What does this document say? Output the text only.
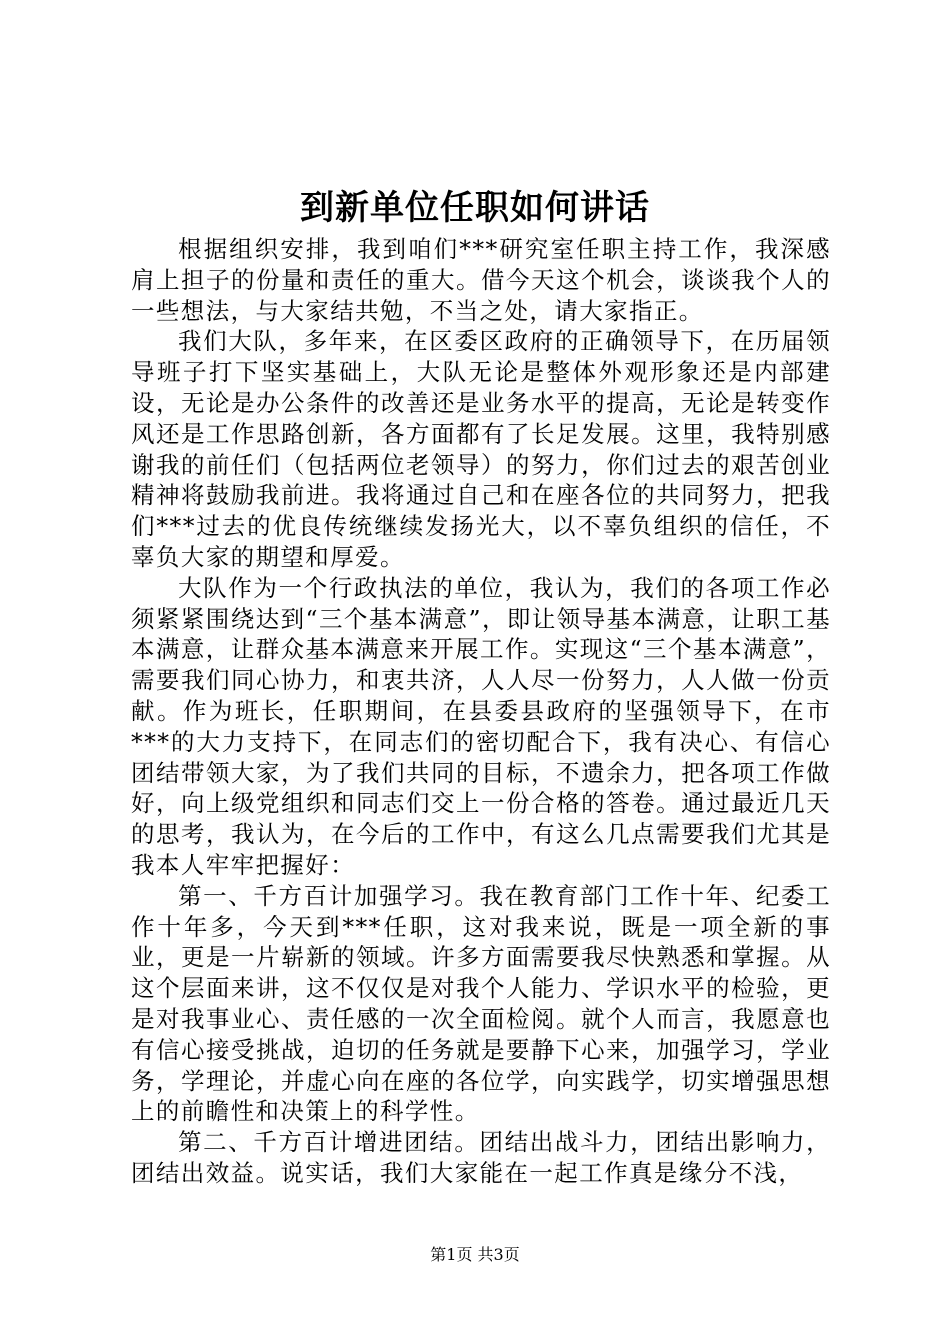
到新单位任职如何讲话

根据组织安排，我到咱们***研究室任职主持工作，我深感肩上担子的份量和责任的重大。借今天这个机会，谈谈我个人的一些想法，与大家结共勉，不当之处，请大家指正。

我们大队，多年来，在区委区政府的正确领导下，在历届领导班子打下坚实基础上，大队无论是整体外观形象还是内部建设，无论是办公条件的改善还是业务水平的提高，无论是转变作风还是工作思路创新，各方面都有了长足发展。这里，我特别感谢我的前任们（包括两位老领导）的努力，你们过去的艰苦创业精神将鼓励我前进。我将通过自己和在座各位的共同努力，把我们***过去的优良传统继续发扬光大，以不辜负组织的信任，不辜负大家的期望和厚爱。

大队作为一个行政执法的单位，我认为，我们的各项工作必须紧紧围绕达到“三个基本满意”，即让领导基本满意，让职工基本满意，让群众基本满意来开展工作。实现这“三个基本满意”，需要我们同心协力，和衷共济，人人尽一份努力，人人做一份贡献。作为班长，任职期间，在县委县政府的坚强领导下，在市***的大力支持下，在同志们的密切配合下，我有决心、有信心团结带领大家，为了我们共同的目标，不遗余力，把各项工作做好，向上级党组织和同志们交上一份合格的答卷。通过最近几天的思考，我认为，在今后的工作中，有这么几点需要我们尤其是我本人牢牢把握好：

第一、千方百计加强学习。我在教育部门工作十年、纪委工作十年多，今天到***任职，这对我来说，既是一项全新的事业，更是一片崭新的领域。许多方面需要我尽快熟悉和掌握。从这个层面来讲，这不仅仅是对我个人能力、学识水平的检验，更是对我事业心、责任感的一次全面检阅。就个人而言，我愿意也有信心接受挑战，迫切的任务就是要静下心来，加强学习，学业务，学理论，并虚心向在座的各位学，向实践学，切实增强思想上的前瞻性和决策上的科学性。

第二、千方百计增进团结。团结出战斗力，团结出影响力，团结出效益。说实话，我们大家能在一起工作真是缘分不浅，

第1页 共3页
